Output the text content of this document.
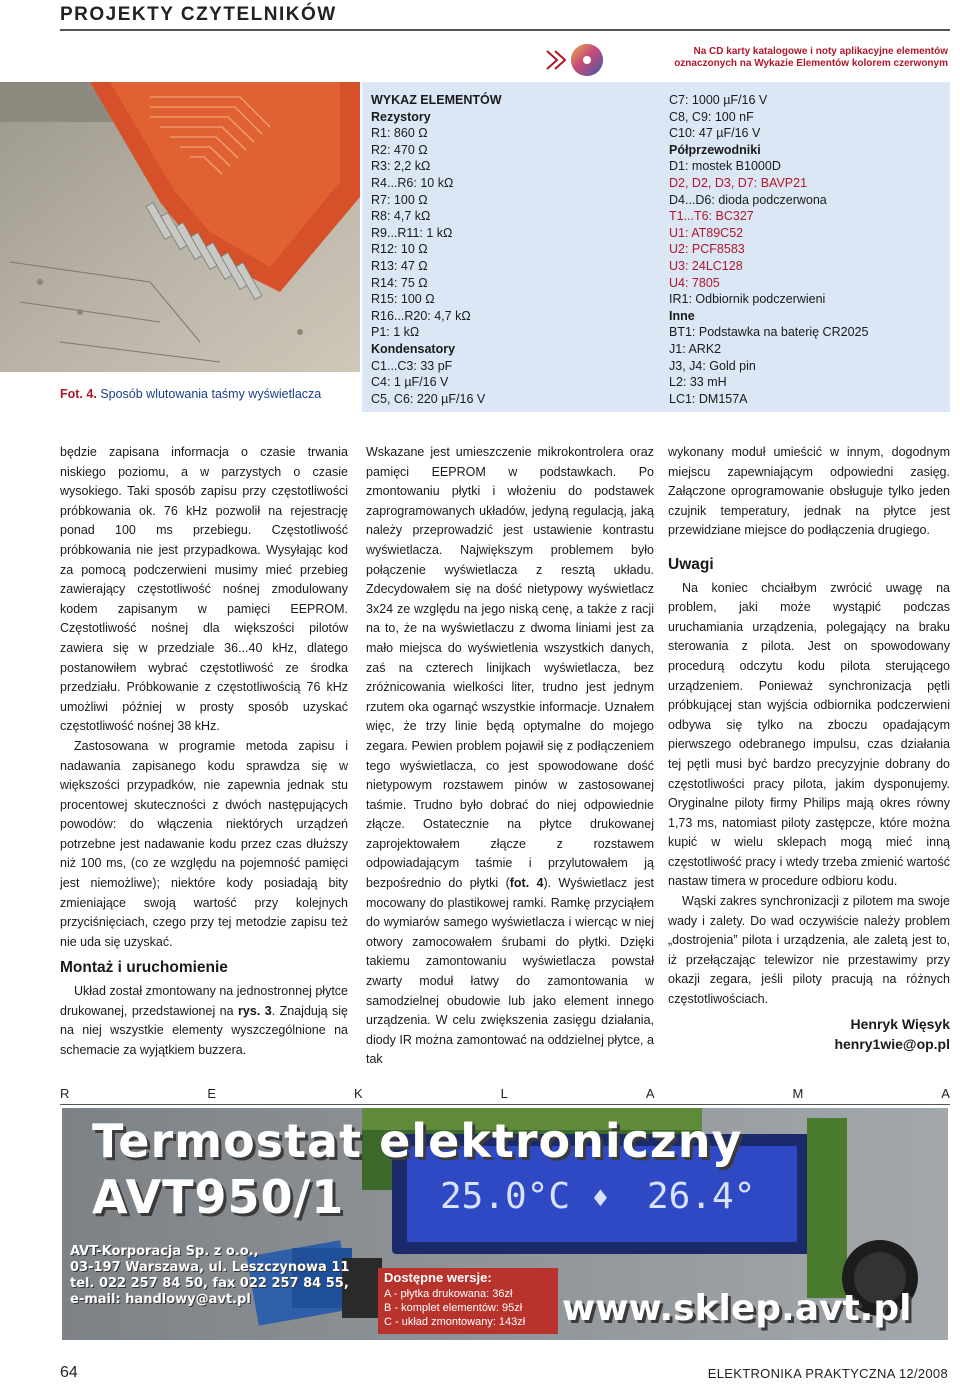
PROJEKTY CZYTELNIKÓW
Na CD karty katalogowe i noty aplikacyjne elementów
oznaczonych na Wykazie Elementów kolorem czerwonym
Fot. 4. Sposób wlutowania taśmy wyświetlacza
WYKAZ ELEMENTÓW
Rezystory
R1: 860 Ω
R2: 470 Ω
R3: 2,2 kΩ
R4...R6: 10 kΩ
R7: 100 Ω
R8: 4,7 kΩ
R9...R11: 1 kΩ
R12: 10 Ω
R13: 47 Ω
R14: 75 Ω
R15: 100 Ω
R16...R20: 4,7 kΩ
P1: 1 kΩ
Kondensatory
C1...C3: 33 pF
C4: 1 µF/16 V
C5, C6: 220 µF/16 V
C7: 1000 µF/16 V
C8, C9: 100 nF
C10: 47 µF/16 V
Półprzewodniki
D1: mostek B1000D
D2, D2, D3, D7: BAVP21
D4...D6: dioda podczerwona
T1...T6: BC327
U1: AT89C52
U2: PCF8583
U3: 24LC128
U4: 7805
IR1: Odbiornik podczerwieni
Inne
BT1: Podstawka na baterię CR2025
J1: ARK2
J3, J4: Gold pin
L2: 33 mH
LC1: DM157A

będzie zapisana informacja o czasie trwania niskiego poziomu, a w parzystych o czasie wysokiego. Taki sposób zapisu przy częstotliwości próbkowania ok. 76 kHz pozwolił na rejestrację ponad 100 ms przebiegu. Częstotliwość próbkowania nie jest przypadkowa. Wysyłając kod za pomocą podczerwieni musimy mieć przebieg zawierający częstotliwość nośnej zmodulowany kodem zapisanym w pamięci EEPROM. Częstotliwość nośnej dla większości pilotów zawiera się w przedziale 36...40 kHz, dlatego postanowiłem wybrać częstotliwość ze środka przedziału. Próbkowanie z częstotliwością 76 kHz umożliwi później w prosty sposób uzyskać częstotliwość nośnej 38 kHz.

Zastosowana w programie metoda zapisu i nadawania zapisanego kodu sprawdza się w większości przypadków, nie zapewnia jednak stu procentowej skuteczności z dwóch następujących powodów: do włączenia niektórych urządzeń potrzebne jest nadawanie kodu przez czas dłuższy niż 100 ms, (co ze względu na pojemność pamięci jest niemożliwe); niektóre kody posiadają bity zmieniające swoją wartość przy kolejnych przyciśnięciach, czego przy tej metodzie zapisu też nie uda się uzyskać.

Montaż i uruchomienie

Układ został zmontowany na jednostronnej płytce drukowanej, przedstawionej na rys. 3. Znajdują się na niej wszystkie elementy wyszczególnione na schemacie za wyjątkiem buzzera.

Wskazane jest umieszczenie mikrokontrolera oraz pamięci EEPROM w podstawkach. Po zmontowaniu płytki i włożeniu do podstawek zaprogramowanych układów, jedyną regulacją, jaką należy przeprowadzić jest ustawienie kontrastu wyświetlacza. Największym problemem było połączenie wyświetlacza z resztą układu. Zdecydowałem się na dość nietypowy wyświetlacz 3x24 ze względu na jego niską cenę, a także z racji na to, że na wyświetlaczu z dwoma liniami jest za mało miejsca do wyświetlenia wszystkich danych, zaś na czterech linijkach wyświetlacza, bez zróżnicowania wielkości liter, trudno jest jednym rzutem oka ogarnąć wszystkie informacje. Uznałem więc, że trzy linie będą optymalne do mojego zegara. Pewien problem pojawił się z podłączeniem tego wyświetlacza, co jest spowodowane dość nietypowym rozstawem pinów w zastosowanej taśmie. Trudno było dobrać do niej odpowiednie złącze. Ostatecznie na płytce drukowanej zaprojektowałem złącze z rozstawem odpowiadającym taśmie i przylutowałem ją bezpośrednio do płytki (fot. 4). Wyświetlacz jest mocowany do plastikowej ramki. Ramkę przyciąłem do wymiarów samego wyświetlacza i wiercąc w niej otwory zamocowałem śrubami do płytki. Dzięki takiemu zamontowaniu wyświetlacza powstał zwarty moduł łatwy do zamontowania w samodzielnej obudowie lub jako element innego urządzenia. W celu zwiększenia zasięgu działania, diody IR można zamontować na oddzielnej płytce, a tak

wykonany moduł umieścić w innym, dogodnym miejscu zapewniającym odpowiedni zasięg. Załączone oprogramowanie obsługuje tylko jeden czujnik temperatury, jednak na płytce jest przewidziane miejsce do podłączenia drugiego.

Uwagi

Na koniec chciałbym zwrócić uwagę na problem, jaki może wystąpić podczas uruchamiania urządzenia, polegający na braku sterowania z pilota. Jest on spowodowany procedurą odczytu kodu pilota sterującego urządzeniem. Ponieważ synchronizacja pętli próbkującej stan wyjścia odbiornika podczerwieni odbywa się tylko na zboczu opadającym pierwszego odebranego impulsu, czas działania tej pętli musi być bardzo precyzyjnie dobrany do częstotliwości pracy pilota, jakim dysponujemy. Oryginalne piloty firmy Philips mają okres równy 1,73 ms, natomiast piloty zastępcze, które można kupić w wielu sklepach mogą mieć inną częstotliwość pracy i wtedy trzeba zmienić wartość nastaw timera w procedure odbioru kodu.

Wąski zakres synchronizacji z pilotem ma swoje wady i zalety. Do wad oczywiście należy problem „dostrojenia” pilota i urządzenia, ale zaletą jest to, iż przełączając telewizor nie przestawimy przy okazji zegara, jeśli piloty pracują na różnych częstotliwościach.

Henryk Więsyk
henry1wie@op.pl
R	E	K	L	A	M	A
Termostat elektroniczny
AVT950/1	25.0°C ♦ 26.4°
AVT-Korporacja Sp. z o.o.,
03-197 Warszawa, ul. Leszczynowa 11
tel. 022 257 84 50, fax 022 257 84 55,
e-mail: handlowy@avt.pl
Dostępne wersje:
A - płytka drukowana: 36zł
B - komplet elementów: 95zł
C - układ zmontowany: 143zł	www.sklep.avt.pl
64	ELEKTRONIKA PRAKTYCZNA 12/2008
